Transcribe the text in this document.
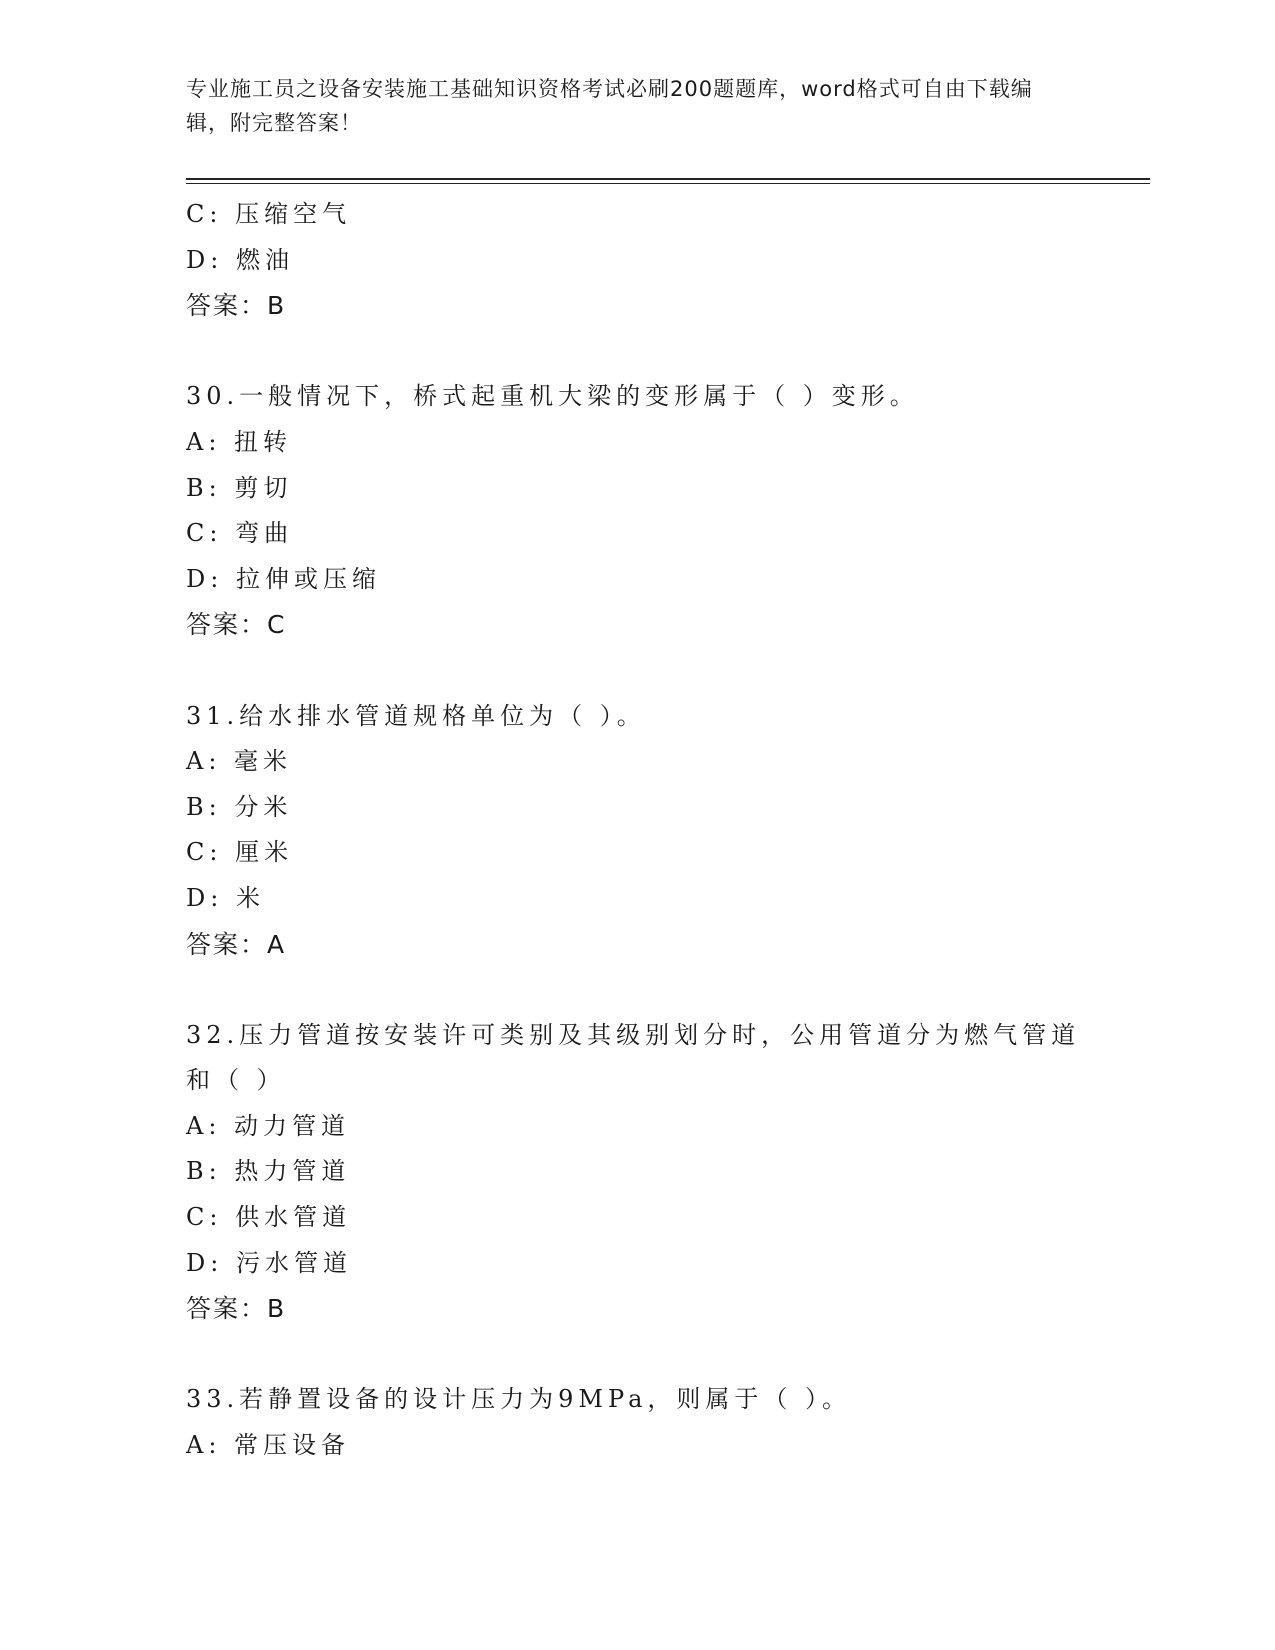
专业施工员之设备安装施工基础知识资格考试必刷200题题库，word格式可自由下载编辑，附完整答案！
C: 压缩空气
D: 燃油
答案：B
30.一般情况下，桥式起重机大梁的变形属于（ ）变形。
A: 扭转
B: 剪切
C: 弯曲
D: 拉伸或压缩
答案：C
31.给水排水管道规格单位为（ ）。
A: 毫米
B: 分米
C: 厘米
D: 米
答案：A
32.压力管道按安装许可类别及其级别划分时，公用管道分为燃气管道和（ ）
A: 动力管道
B: 热力管道
C: 供水管道
D: 污水管道
答案：B
33.若静置设备的设计压力为9MPa，则属于（ ）。
A: 常压设备
